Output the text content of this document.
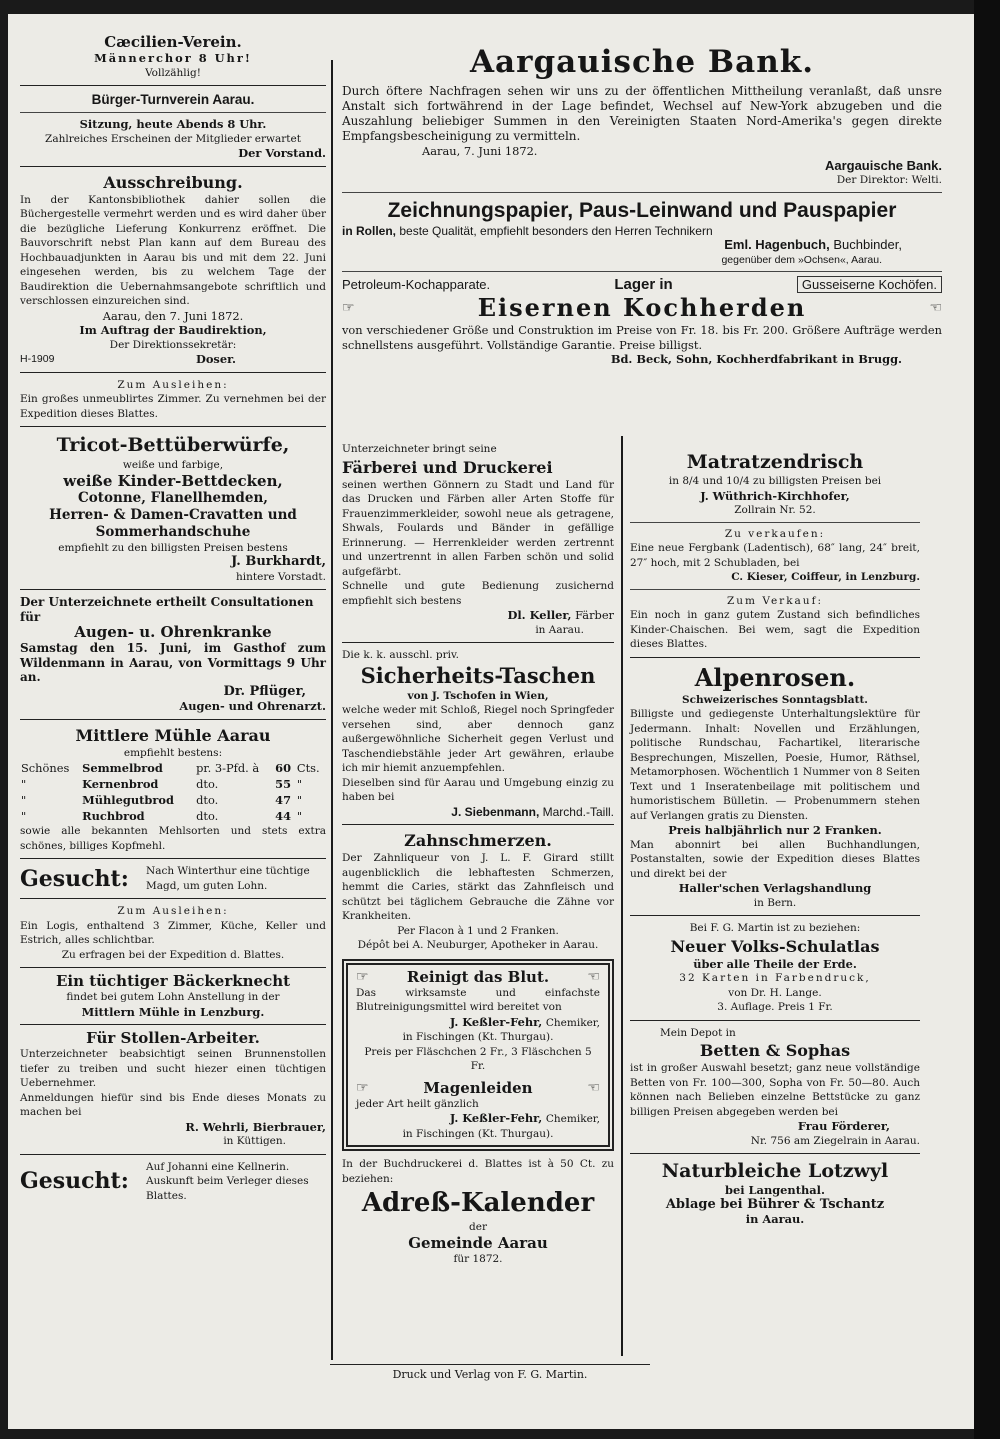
Cæcilien-Verein.

Männerchor 8 Uhr!

Vollzählig!

Bürger-Turnverein Aarau.

Sitzung, heute Abends 8 Uhr.

Zahlreiches Erscheinen der Mitglieder erwartet

Der Vorstand.

Ausschreibung.

In der Kantonsbibliothek dahier sollen die Büchergestelle vermehrt werden und es wird daher über die bezügliche Lieferung Konkurrenz eröffnet. Die Bauvorschrift nebst Plan kann auf dem Bureau des Hochbauadjunkten in Aarau bis und mit dem 22. Juni eingesehen werden, bis zu welchem Tage der Baudirektion die Uebernahmsangebote schriftlich und verschlossen einzureichen sind.

Aarau, den 7. Juni 1872.

Im Auftrag der Baudirektion,

Der Direktionssekretär:

H-1909	Doser.

Zum Ausleihen:

Ein großes unmeublirtes Zimmer. Zu vernehmen bei der Expedition dieses Blattes.

Tricot-Bettüberwürfe,

weiße und farbige,

weiße Kinder-Bettdecken,

Cotonne, Flanellhemden,

Herren- & Damen-Cravatten und

Sommerhandschuhe

empfiehlt zu den billigsten Preisen bestens

J. Burkhardt,

hintere Vorstadt.

Der Unterzeichnete ertheilt Consultationen für

Augen- u. Ohrenkranke

Samstag den 15. Juni, im Gasthof zum Wildenmann in Aarau, von Vormittags 9 Uhr an.

Dr. Pflüger,

Augen- und Ohrenarzt.

Mittlere Mühle Aarau

empfiehlt bestens:

Schönes	Semmelbrod	pr. 3-Pfd. à	60	Cts.
"	Kernenbrod	dto.	55	"
"	Mühlegutbrod	dto.	47	"
"	Ruchbrod	dto.	44	"

sowie alle bekannten Mehlsorten und stets extra schönes, billiges Kopfmehl.

Gesucht: Nach Winterthur eine tüchtige Magd, um guten Lohn.

Zum Ausleihen:

Ein Logis, enthaltend 3 Zimmer, Küche, Keller und Estrich, alles schlichtbar.

Zu erfragen bei der Expedition d. Blattes.

Ein tüchtiger Bäckerknecht

findet bei gutem Lohn Anstellung in der

Mittlern Mühle in Lenzburg.

Für Stollen-Arbeiter.

Unterzeichneter beabsichtigt seinen Brunnenstollen tiefer zu treiben und sucht hiezer einen tüchtigen Uebernehmer.

Anmeldungen hiefür sind bis Ende dieses Monats zu machen bei

R. Wehrli, Bierbrauer,

in Küttigen.

Gesucht:
Auf Johanni eine Kellnerin. Auskunft beim Verleger dieses Blattes.

Aargauische Bank.

Durch öftere Nachfragen sehen wir uns zu der öffentlichen Mittheilung veranlaßt, daß unsre Anstalt sich fortwährend in der Lage befindet, Wechsel auf New-York abzugeben und die Auszahlung beliebiger Summen in den Vereinigten Staaten Nord-Amerika's gegen direkte Empfangsbescheinigung zu vermitteln.

Aarau, 7. Juni 1872.

Aargauische Bank.

Der Direktor: Welti.

Zeichnungspapier, Paus-Leinwand und Pauspapier

in Rollen, beste Qualität, empfiehlt besonders den Herren Technikern

Eml. Hagenbuch, Buchbinder,

gegenüber dem »Ochsen«, Aarau.

Petroleum-Kochapparate.	Lager in	Gusseiserne Kochöfen.
☞	Eisernen Kochherden	☜

von verschiedener Größe und Construktion im Preise von Fr. 18. bis Fr. 200. Größere Aufträge werden schnellstens ausgeführt. Vollständige Garantie. Preise billigst.

Bd. Beck, Sohn, Kochherdfabrikant in Brugg.

Unterzeichneter bringt seine

Färberei und Druckerei

seinen werthen Gönnern zu Stadt und Land für das Drucken und Färben aller Arten Stoffe für Frauenzimmerkleider, sowohl neue als getragene, Shwals, Foulards und Bänder in gefällige Erinnerung. — Herrenkleider werden zertrennt und unzertrennt in allen Farben schön und solid aufgefärbt.

Schnelle und gute Bedienung zusichernd empfiehlt sich bestens

Dl. Keller, Färber

in Aarau.

Die k. k. ausschl. priv.

Sicherheits-Taschen

von J. Tschofen in Wien,

welche weder mit Schloß, Riegel noch Springfeder versehen sind, aber dennoch ganz außergewöhnliche Sicherheit gegen Verlust und Taschendiebstähle jeder Art gewähren, erlaube ich mir hiemit anzuempfehlen.

Dieselben sind für Aarau und Umgebung einzig zu haben bei

J. Siebenmann, Marchd.-Taill.

Zahnschmerzen.

Der Zahnliqueur von J. L. F. Girard stillt augenblicklich die lebhaftesten Schmerzen, hemmt die Caries, stärkt das Zahnfleisch und schützt bei täglichem Gebrauche die Zähne vor Krankheiten.

Per Flacon à 1 und 2 Franken.

Dépôt bei A. Neuburger, Apotheker in Aarau.

☞	Reinigt das Blut.	☜

Das wirksamste und einfachste Blutreinigungsmittel wird bereitet von

J. Keßler-Fehr, Chemiker,

in Fischingen (Kt. Thurgau).

Preis per Fläschchen 2 Fr., 3 Fläschchen 5 Fr.

☞	Magenleiden	☜

jeder Art heilt gänzlich

J. Keßler-Fehr, Chemiker,

in Fischingen (Kt. Thurgau).

In der Buchdruckerei d. Blattes ist à 50 Ct. zu beziehen:

Adreß-Kalender

der

Gemeinde Aarau

für 1872.

Matratzendrisch

in 8/4 und 10/4 zu billigsten Preisen bei

J. Wüthrich-Kirchhofer,

Zollrain Nr. 52.

Zu verkaufen:

Eine neue Fergbank (Ladentisch), 68″ lang, 24″ breit, 27″ hoch, mit 2 Schubladen, bei

C. Kieser, Coiffeur, in Lenzburg.

Zum Verkauf:

Ein noch in ganz gutem Zustand sich befindliches Kinder-Chaischen. Bei wem, sagt die Expedition dieses Blattes.

Alpenrosen.

Schweizerisches Sonntagsblatt.

Billigste und gediegenste Unterhaltungslektüre für Jedermann. Inhalt: Novellen und Erzählungen, politische Rundschau, Fachartikel, literarische Besprechungen, Miszellen, Poesie, Humor, Räthsel, Metamorphosen. Wöchentlich 1 Nummer von 8 Seiten Text und 1 Inseratenbeilage mit politischem und humoristischem Bülletin. — Probenummern stehen auf Verlangen gratis zu Diensten.

Preis halbjährlich nur 2 Franken.

Man abonnirt bei allen Buchhandlungen, Postanstalten, sowie der Expedition dieses Blattes und direkt bei der

Haller'schen Verlagshandlung

in Bern.

Bei F. G. Martin ist zu beziehen:

Neuer Volks-Schulatlas

über alle Theile der Erde.

32 Karten in Farbendruck,

von Dr. H. Lange.

3. Auflage. Preis 1 Fr.

Mein Depot in

Betten & Sophas

ist in großer Auswahl besetzt; ganz neue vollständige Betten von Fr. 100—300, Sopha von Fr. 50—80. Auch können nach Belieben einzelne Bettstücke zu ganz billigen Preisen abgegeben werden bei

Frau Förderer,

Nr. 756 am Ziegelrain in Aarau.

Naturbleiche Lotzwyl

bei Langenthal.

Ablage bei Bührer & Tschantz

in Aarau.

Druck und Verlag von F. G. Martin.
